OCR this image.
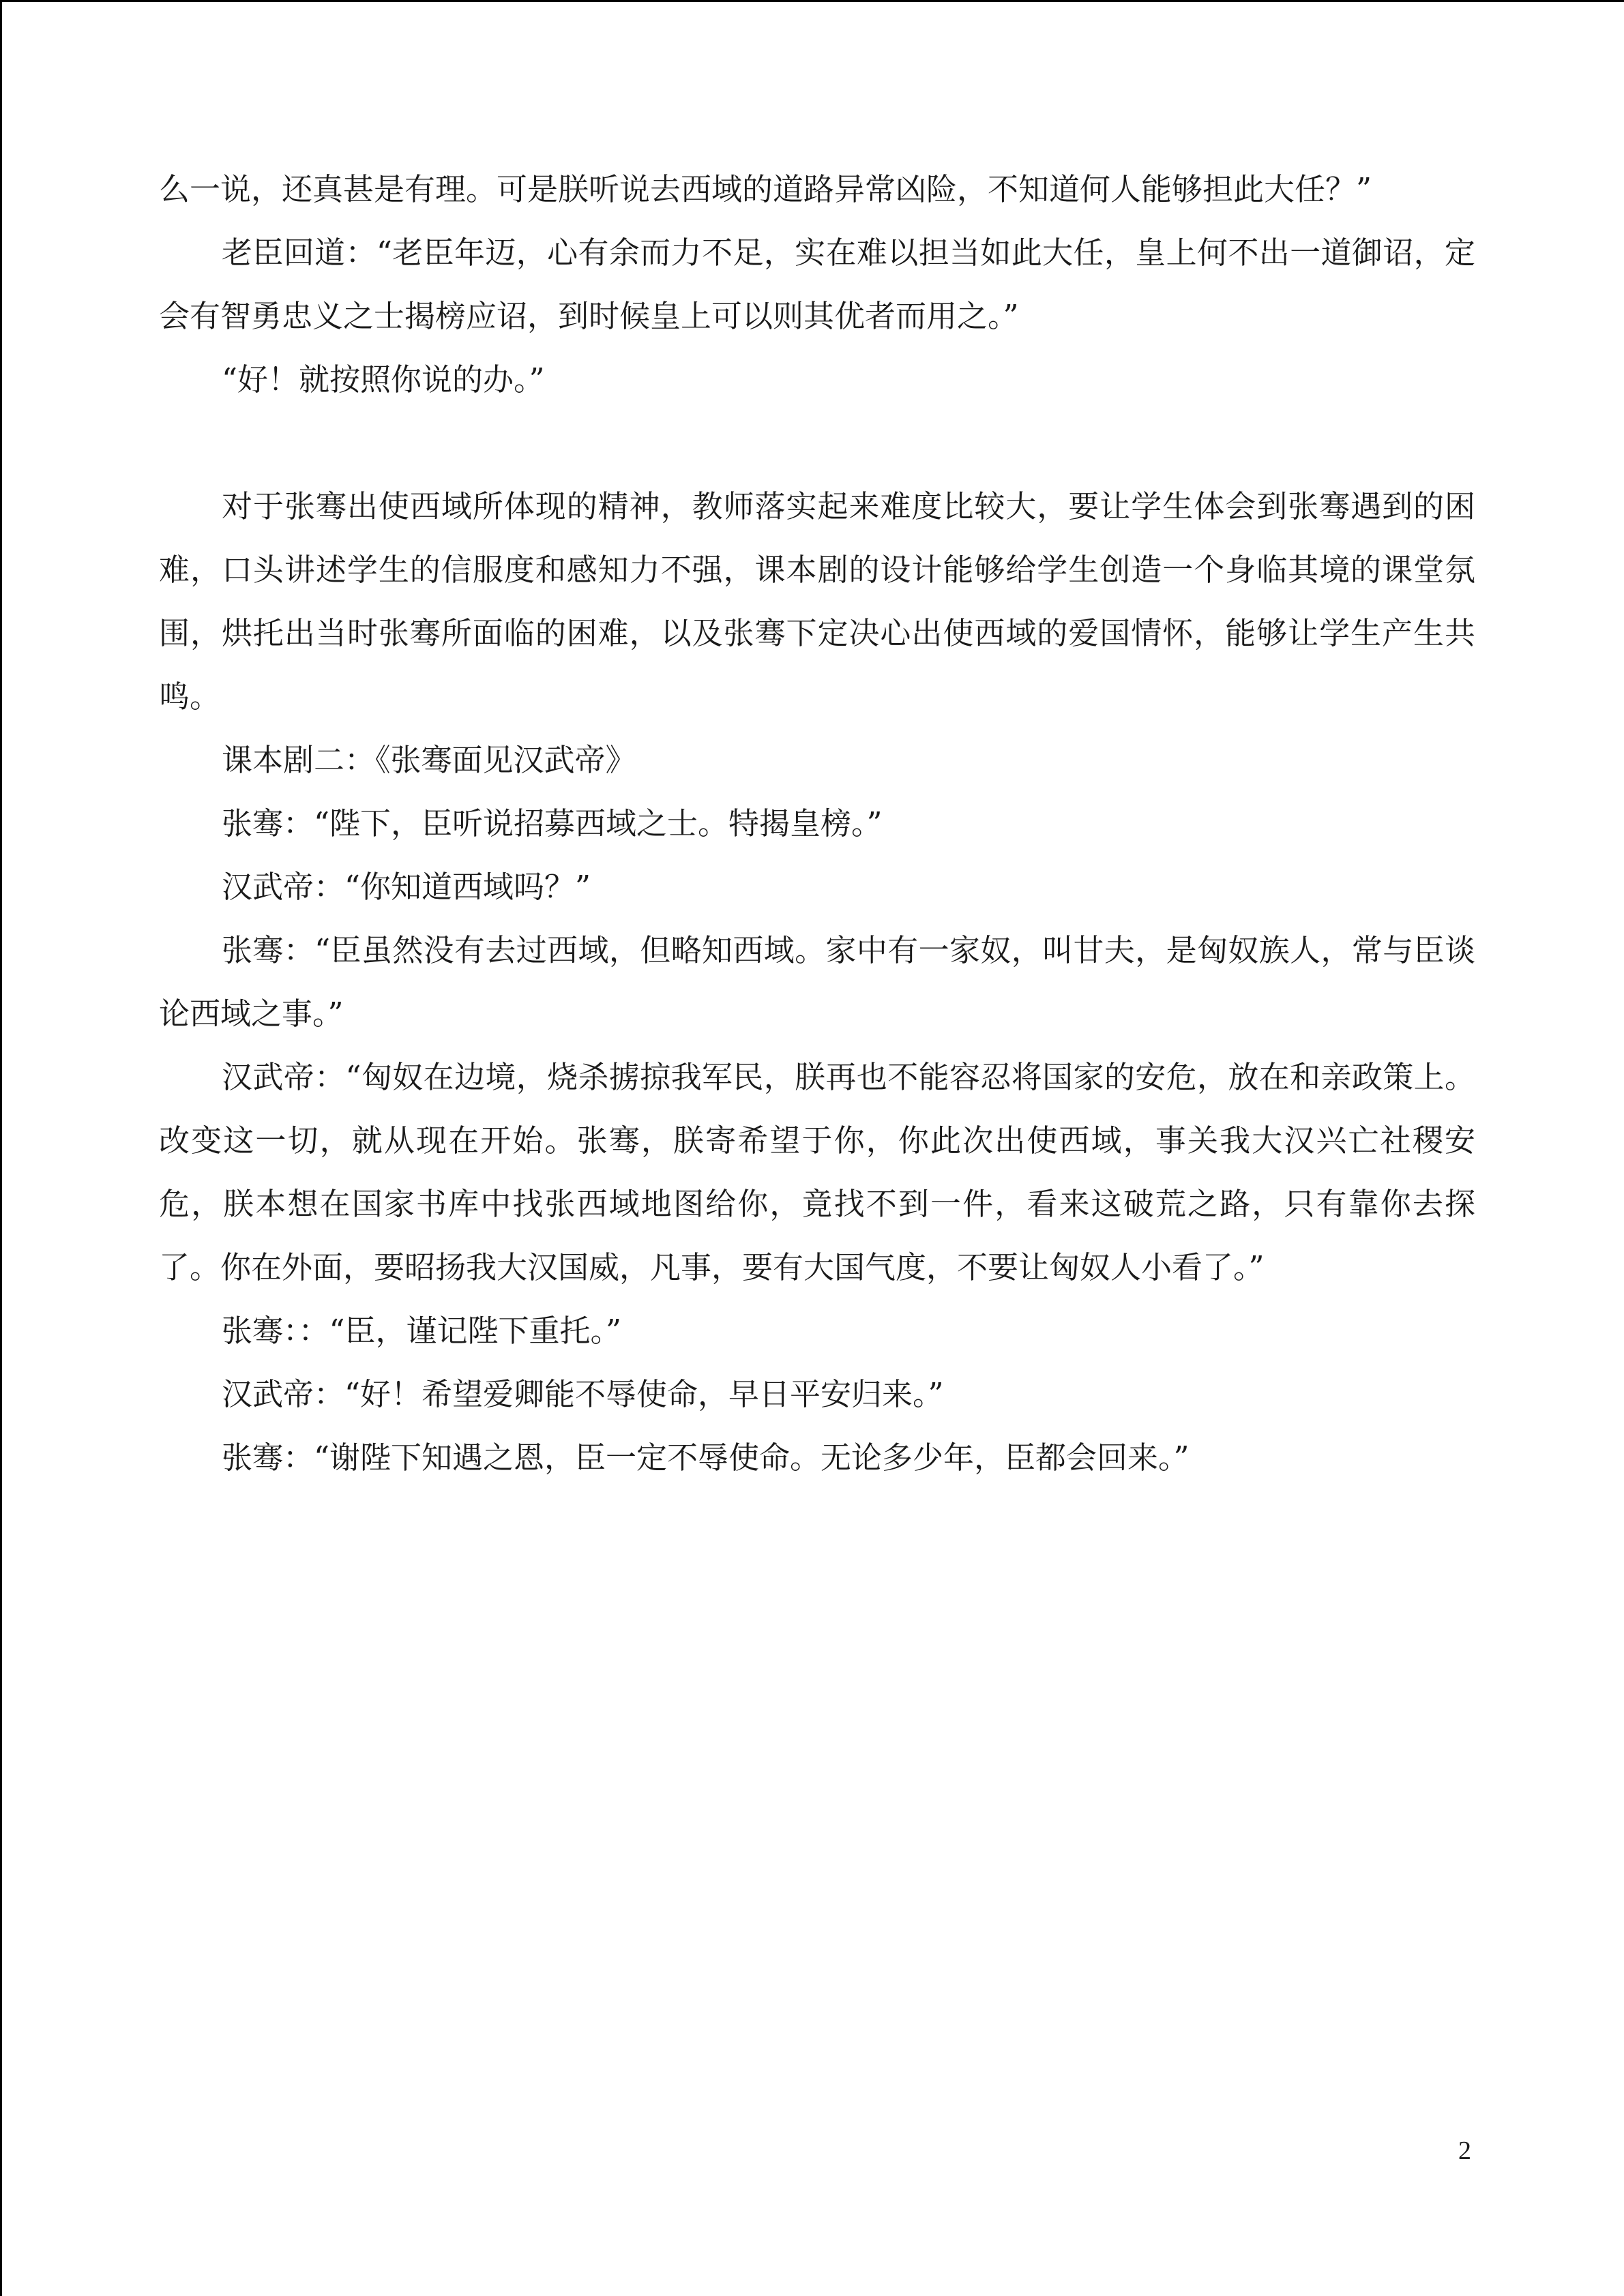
么一说，还真甚是有理。可是朕听说去西域的道路异常凶险，不知道何人能够担此大任？”

老臣回道：“老臣年迈，心有余而力不足，实在难以担当如此大任，皇上何不出一道御诏，定会有智勇忠义之士揭榜应诏，到时候皇上可以则其优者而用之。”

“好！就按照你说的办。”

对于张骞出使西域所体现的精神，教师落实起来难度比较大，要让学生体会到张骞遇到的困难，口头讲述学生的信服度和感知力不强，课本剧的设计能够给学生创造一个身临其境的课堂氛围，烘托出当时张骞所面临的困难，以及张骞下定决心出使西域的爱国情怀，能够让学生产生共鸣。

课本剧二：《张骞面见汉武帝》

张骞：“陛下，臣听说招募西域之士。特揭皇榜。”

汉武帝：“你知道西域吗？”

张骞：“臣虽然没有去过西域，但略知西域。家中有一家奴，叫甘夫，是匈奴族人，常与臣谈论西域之事。”

汉武帝：“匈奴在边境，烧杀掳掠我军民，朕再也不能容忍将国家的安危，放在和亲政策上。改变这一切，就从现在开始。张骞，朕寄希望于你，你此次出使西域，事关我大汉兴亡社稷安危，朕本想在国家书库中找张西域地图给你，竟找不到一件，看来这破荒之路，只有靠你去探了。你在外面，要昭扬我大汉国威，凡事，要有大国气度，不要让匈奴人小看了。”

张骞：：“臣，谨记陛下重托。”

汉武帝：“好！希望爱卿能不辱使命，早日平安归来。”

张骞：“谢陛下知遇之恩，臣一定不辱使命。无论多少年，臣都会回来。”

2
